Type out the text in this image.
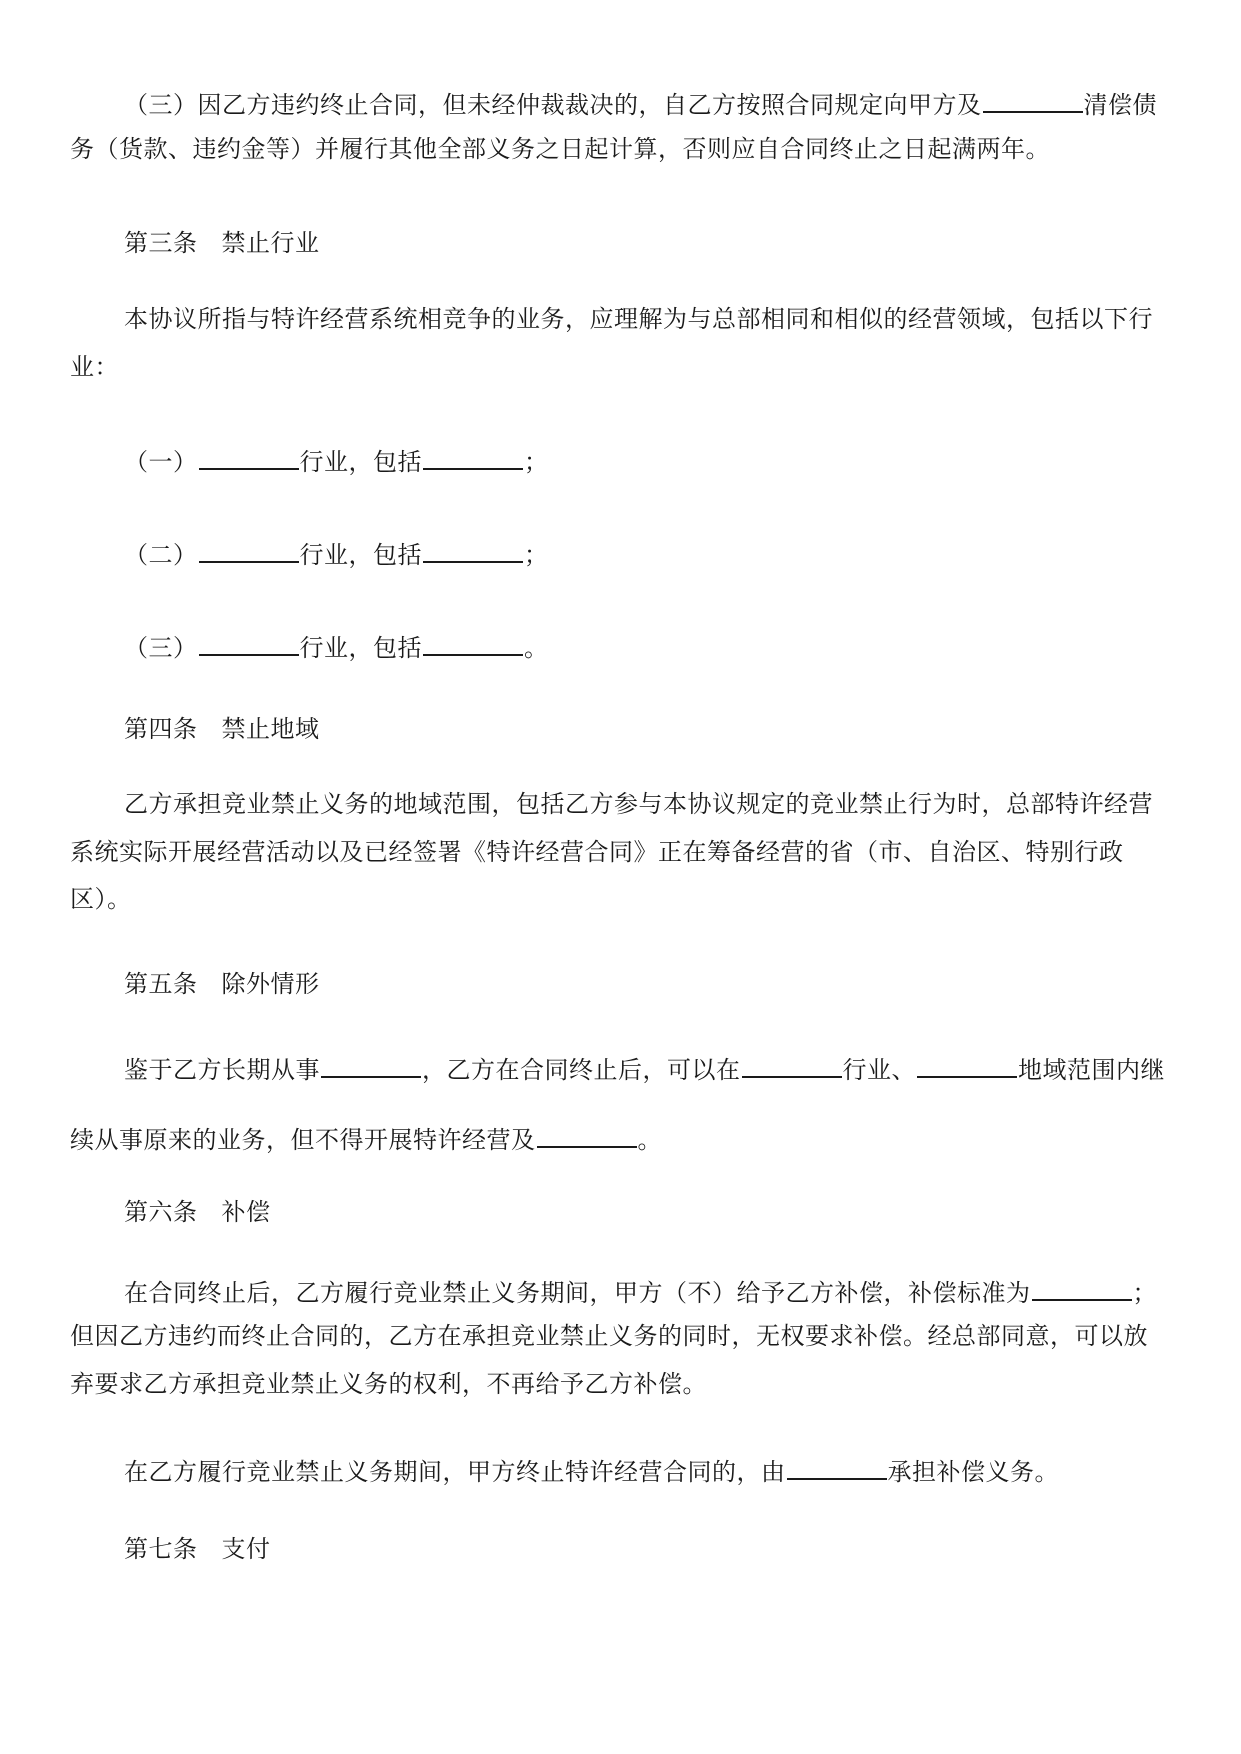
（三）因乙方违约终止合同，但未经仲裁裁决的，自乙方按照合同规定向甲方及	清偿债
务（货款、违约金等）并履行其他全部义务之日起计算，否则应自合同终止之日起满两年。
第三条 禁止行业
本协议所指与特许经营系统相竞争的业务，应理解为与总部相同和相似的经营领域，包括以下行
业：
（一）	行业，包括	；
（二）	行业，包括	；
（三）	行业，包括	。
第四条 禁止地域
乙方承担竞业禁止义务的地域范围，包括乙方参与本协议规定的竞业禁止行为时，总部特许经营
系统实际开展经营活动以及已经签署《特许经营合同》正在筹备经营的省（市、自治区、特别行政
区）。
第五条 除外情形
鉴于乙方长期从事	，乙方在合同终止后，可以在	行业、	地域范围内继
续从事原来的业务，但不得开展特许经营及	。
第六条 补偿
在合同终止后，乙方履行竞业禁止义务期间，甲方（不）给予乙方补偿，补偿标准为	；
但因乙方违约而终止合同的，乙方在承担竞业禁止义务的同时，无权要求补偿。经总部同意，可以放
弃要求乙方承担竞业禁止义务的权利，不再给予乙方补偿。
在乙方履行竞业禁止义务期间，甲方终止特许经营合同的，由	承担补偿义务。
第七条 支付
